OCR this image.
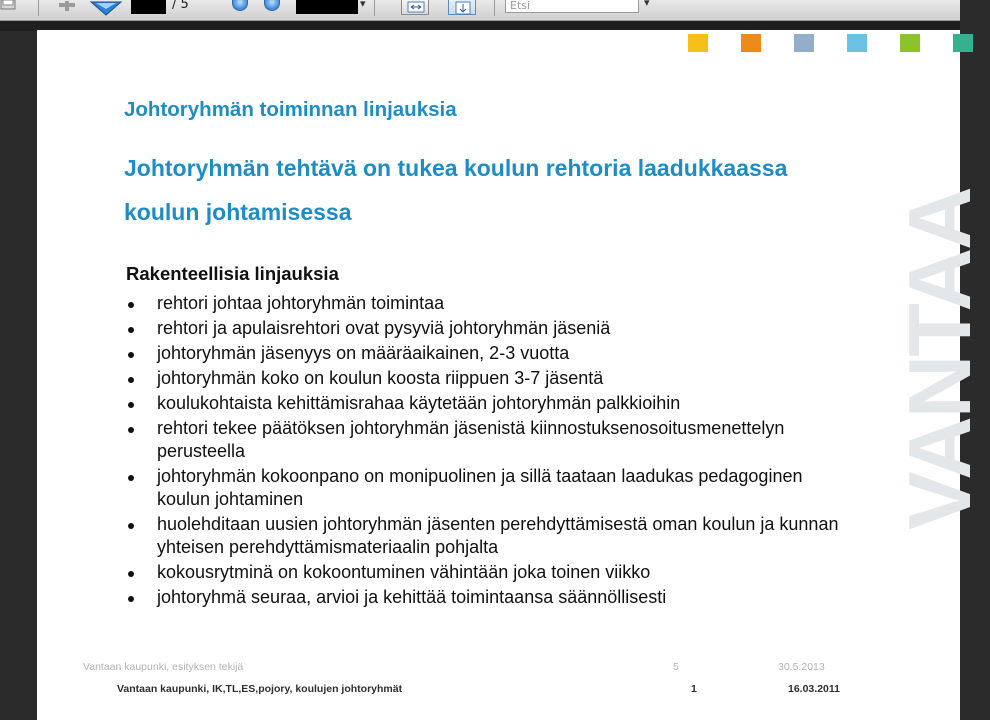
/ 5	▾	Etsi	▾
VANTAA
Johtoryhmän toiminnan linjauksia
Johtoryhmän tehtävä on tukea koulun rehtoria laadukkaassa koulun johtamisessa
Rakenteellisia linjauksia
rehtori johtaa johtoryhmän toimintaa
rehtori ja apulaisrehtori ovat pysyviä johtoryhmän jäseniä
johtoryhmän jäsenyys on määräaikainen, 2-3 vuotta
johtoryhmän koko on koulun koosta riippuen 3-7 jäsentä
koulukohtaista kehittämisrahaa käytetään johtoryhmän palkkioihin
rehtori tekee päätöksen johtoryhmän jäsenistä kiinnostuksenosoitusmenettelyn perusteella
johtoryhmän kokoonpano on monipuolinen ja sillä taataan laadukas pedagoginen koulun johtaminen
huolehditaan uusien johtoryhmän jäsenten perehdyttämisestä oman koulun ja kunnan yhteisen perehdyttämismateriaalin pohjalta
kokousrytminä on kokoontuminen vähintään joka toinen viikko
johtoryhmä seuraa, arvioi ja kehittää toimintaansa säännöllisesti
Vantaan kaupunki, esityksen tekijä	5	30.5.2013
Vantaan kaupunki, IK,TL,ES,pojory, koulujen johtoryhmät	1	16.03.2011
